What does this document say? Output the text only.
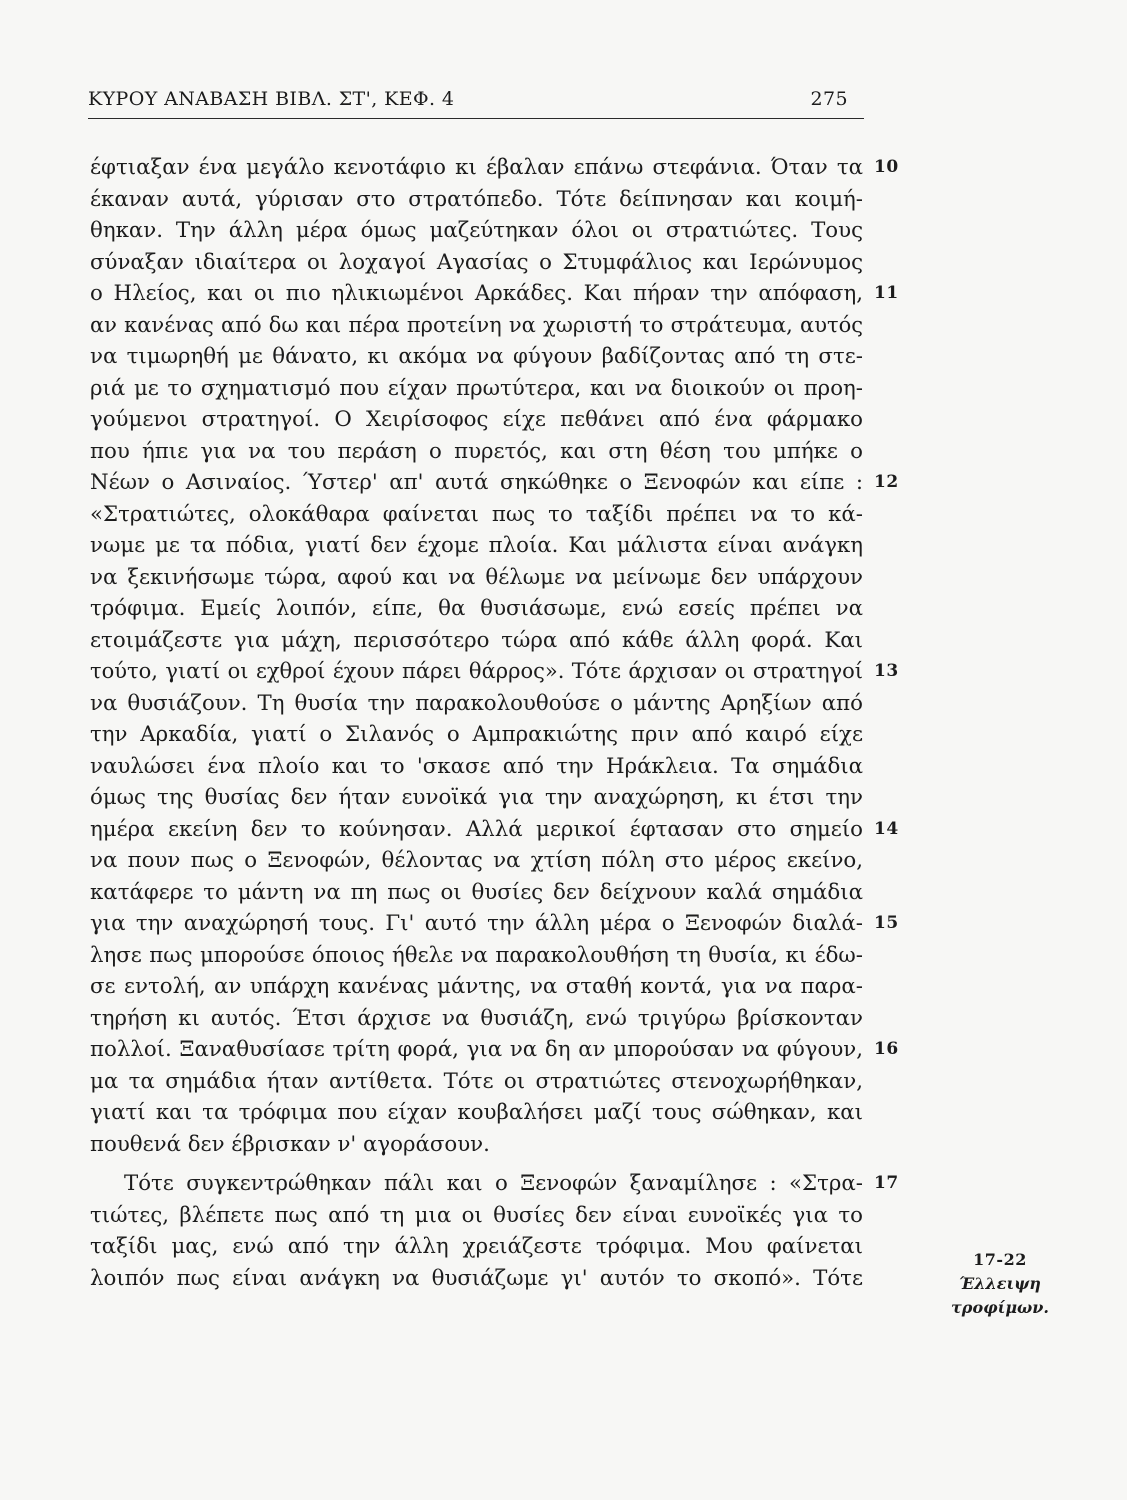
ΚΥΡΟΥ ΑΝΑΒΑΣΗ ΒΙΒΛ. ΣΤ', ΚΕΦ. 4	275
έφτιαξαν ένα μεγάλο κενοτάφιο κι έβαλαν επάνω στεφάνια. Όταν τα 10
έκαναν αυτά, γύρισαν στο στρατόπεδο. Τότε δείπνησαν και κοιμή-
θηκαν. Την άλλη μέρα όμως μαζεύτηκαν όλοι οι στρατιώτες. Τους
σύναξαν ιδιαίτερα οι λοχαγοί Αγασίας ο Στυμφάλιος και Ιερώνυμος
ο Ηλείος, και οι πιο ηλικιωμένοι Αρκάδες. Και πήραν την απόφαση, 11
αν κανένας από δω και πέρα προτείνη να χωριστή το στράτευμα, αυτός
να τιμωρηθή με θάνατο, κι ακόμα να φύγουν βαδίζοντας από τη στε-
ριά με το σχηματισμό που είχαν πρωτύτερα, και να διοικούν οι προη-
γούμενοι στρατηγοί. Ο Χειρίσοφος είχε πεθάνει από ένα φάρμακο
που ήπιε για να του περάση ο πυρετός, και στη θέση του μπήκε ο
Νέων ο Ασιναίος. Ύστερ' απ' αυτά σηκώθηκε ο Ξενοφών και είπε : 12
«Στρατιώτες, ολοκάθαρα φαίνεται πως το ταξίδι πρέπει να το κά-
νωμε με τα πόδια, γιατί δεν έχομε πλοία. Και μάλιστα είναι ανάγκη
να ξεκινήσωμε τώρα, αφού και να θέλωμε να μείνωμε δεν υπάρχουν
τρόφιμα. Εμείς λοιπόν, είπε, θα θυσιάσωμε, ενώ εσείς πρέπει να
ετοιμάζεστε για μάχη, περισσότερο τώρα από κάθε άλλη φορά. Και
τούτο, γιατί οι εχθροί έχουν πάρει θάρρος». Τότε άρχισαν οι στρατηγοί 13
να θυσιάζουν. Τη θυσία την παρακολουθούσε ο μάντης Αρηξίων από
την Αρκαδία, γιατί ο Σιλανός ο Αμπρακιώτης πριν από καιρό είχε
ναυλώσει ένα πλοίο και το 'σκασε από την Ηράκλεια. Τα σημάδια
όμως της θυσίας δεν ήταν ευνοϊκά για την αναχώρηση, κι έτσι την
ημέρα εκείνη δεν το κούνησαν. Αλλά μερικοί έφτασαν στο σημείο 14
να πουν πως ο Ξενοφών, θέλοντας να χτίση πόλη στο μέρος εκείνο,
κατάφερε το μάντη να πη πως οι θυσίες δεν δείχνουν καλά σημάδια
για την αναχώρησή τους. Γι' αυτό την άλλη μέρα ο Ξενοφών διαλά- 15
λησε πως μπορούσε όποιος ήθελε να παρακολουθήση τη θυσία, κι έδω-
σε εντολή, αν υπάρχη κανένας μάντης, να σταθή κοντά, για να παρα-
τηρήση κι αυτός. Έτσι άρχισε να θυσιάζη, ενώ τριγύρω βρίσκονταν
πολλοί. Ξαναθυσίασε τρίτη φορά, για να δη αν μπορούσαν να φύγουν, 16
μα τα σημάδια ήταν αντίθετα. Τότε οι στρατιώτες στενοχωρήθηκαν,
γιατί και τα τρόφιμα που είχαν κουβαλήσει μαζί τους σώθηκαν, και
πουθενά δεν έβρισκαν ν' αγοράσουν.
Τότε συγκεντρώθηκαν πάλι και ο Ξενοφών ξαναμίλησε : «Στρα- 17
τιώτες, βλέπετε πως από τη μια οι θυσίες δεν είναι ευνοϊκές για το
ταξίδι μας, ενώ από την άλλη χρειάζεστε τρόφιμα. Μου φαίνεται
λοιπόν πως είναι ανάγκη να θυσιάζωμε γι' αυτόν το σκοπό». Τότε
17-22
Έλλειψη
τροφίμων.
